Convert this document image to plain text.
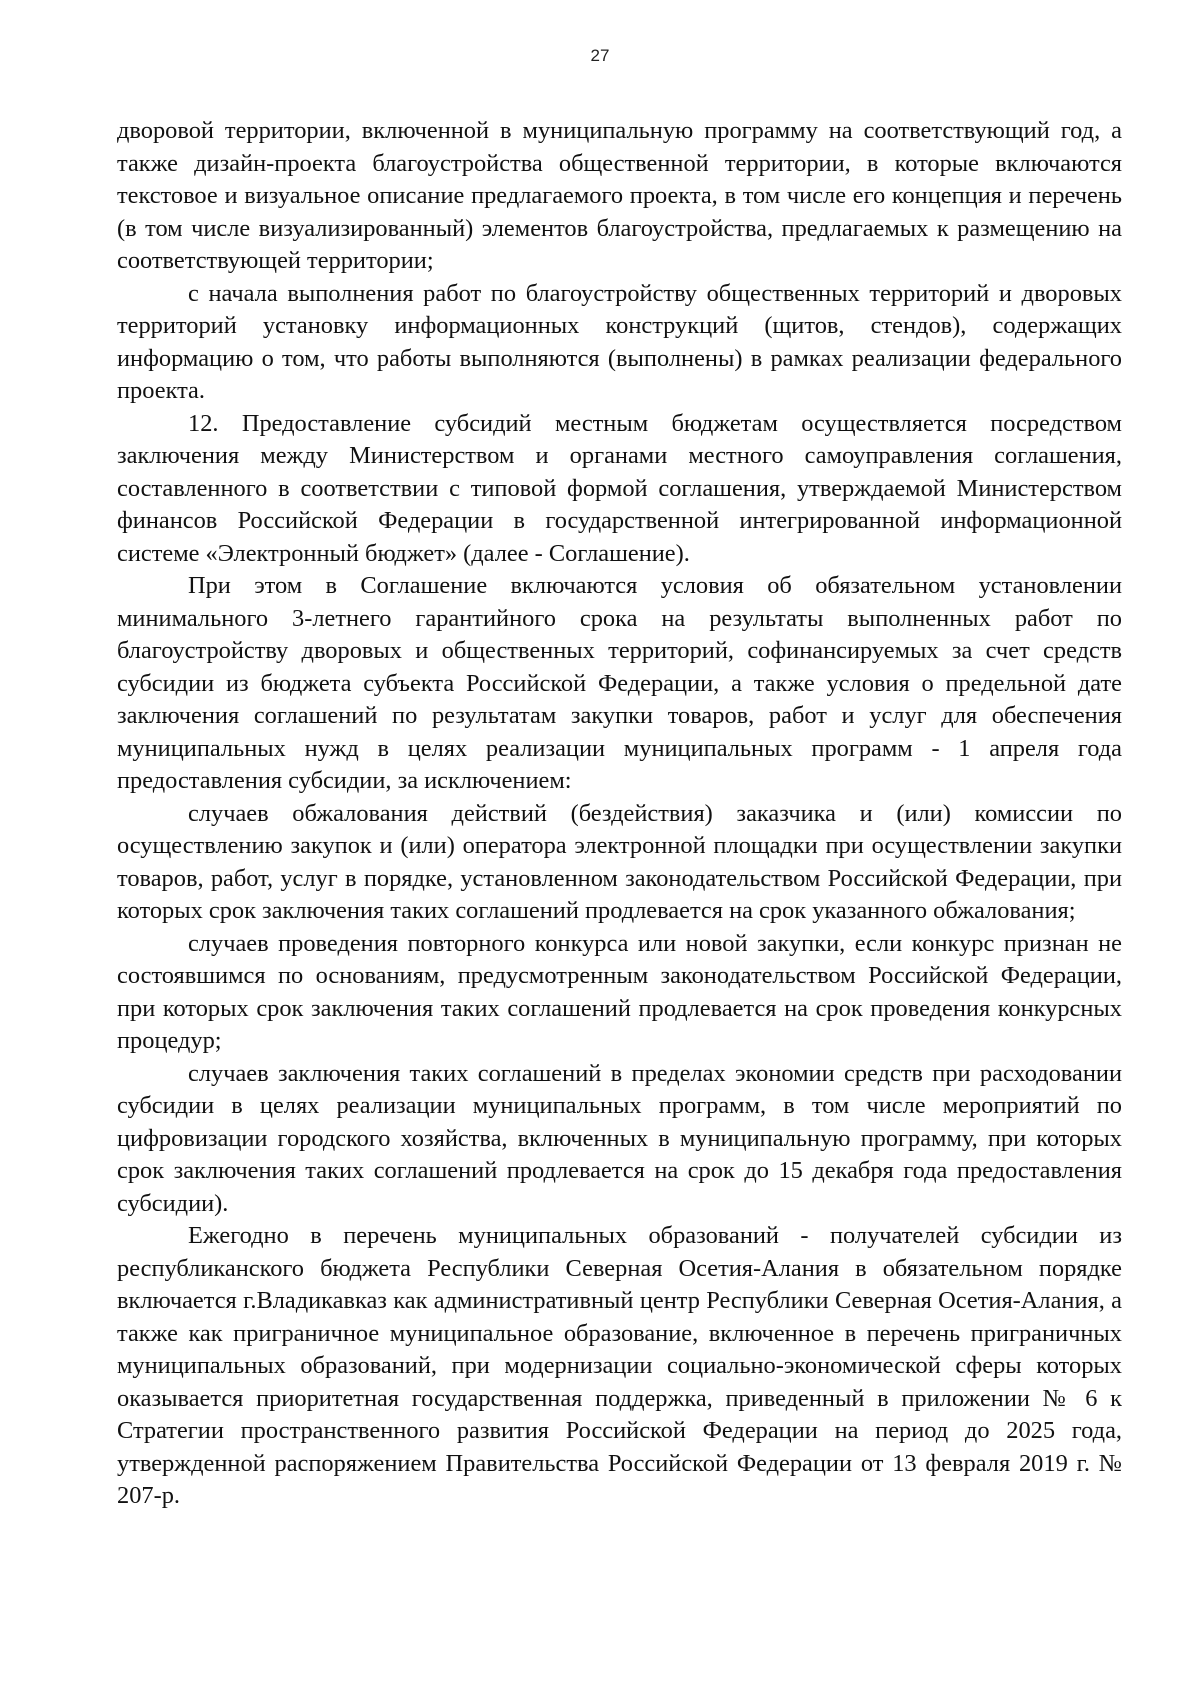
27

дворовой территории, включенной в муниципальную программу на соответствующий год, а также дизайн-проекта благоустройства общественной территории, в которые включаются текстовое и визуальное описание предлагаемого проекта, в том числе его концепция и перечень (в том числе визуализированный) элементов благоустройства, предлагаемых к размещению на соответствующей территории;

с начала выполнения работ по благоустройству общественных территорий и дворовых территорий установку информационных конструкций (щитов, стендов), содержащих информацию о том, что работы выполняются (выполнены) в рамках реализации федерального проекта.

12. Предоставление субсидий местным бюджетам осуществляется посредством заключения между Министерством и органами местного самоуправления соглашения, составленного в соответствии с типовой формой соглашения, утверждаемой Министерством финансов Российской Федерации в государственной интегрированной информационной системе «Электронный бюджет» (далее - Соглашение).

При этом в Соглашение включаются условия об обязательном установлении минимального 3-летнего гарантийного срока на результаты выполненных работ по благоустройству дворовых и общественных территорий, софинансируемых за счет средств субсидии из бюджета субъекта Российской Федерации, а также условия о предельной дате заключения соглашений по результатам закупки товаров, работ и услуг для обеспечения муниципальных нужд в целях реализации муниципальных программ - 1 апреля года предоставления субсидии, за исключением:

случаев обжалования действий (бездействия) заказчика и (или) комиссии по осуществлению закупок и (или) оператора электронной площадки при осуществлении закупки товаров, работ, услуг в порядке, установленном законодательством Российской Федерации, при которых срок заключения таких соглашений продлевается на срок указанного обжалования;

случаев проведения повторного конкурса или новой закупки, если конкурс признан не состоявшимся по основаниям, предусмотренным законодательством Российской Федерации, при которых срок заключения таких соглашений продлевается на срок проведения конкурсных процедур;

случаев заключения таких соглашений в пределах экономии средств при расходовании субсидии в целях реализации муниципальных программ, в том числе мероприятий по цифровизации городского хозяйства, включенных в муниципальную программу, при которых срок заключения таких соглашений продлевается на срок до 15 декабря года предоставления субсидии).

Ежегодно в перечень муниципальных образований - получателей субсидии из республиканского бюджета Республики Северная Осетия-Алания в обязательном порядке включается г.Владикавказ как административный центр Республики Северная Осетия-Алания, а также как приграничное муниципальное образование, включенное в перечень приграничных муниципальных образований, при модернизации социально-экономической сферы которых оказывается приоритетная государственная поддержка, приведенный в приложении № 6 к Стратегии пространственного развития Российской Федерации на период до 2025 года, утвержденной распоряжением Правительства Российской Федерации от 13 февраля 2019 г. № 207-р.
